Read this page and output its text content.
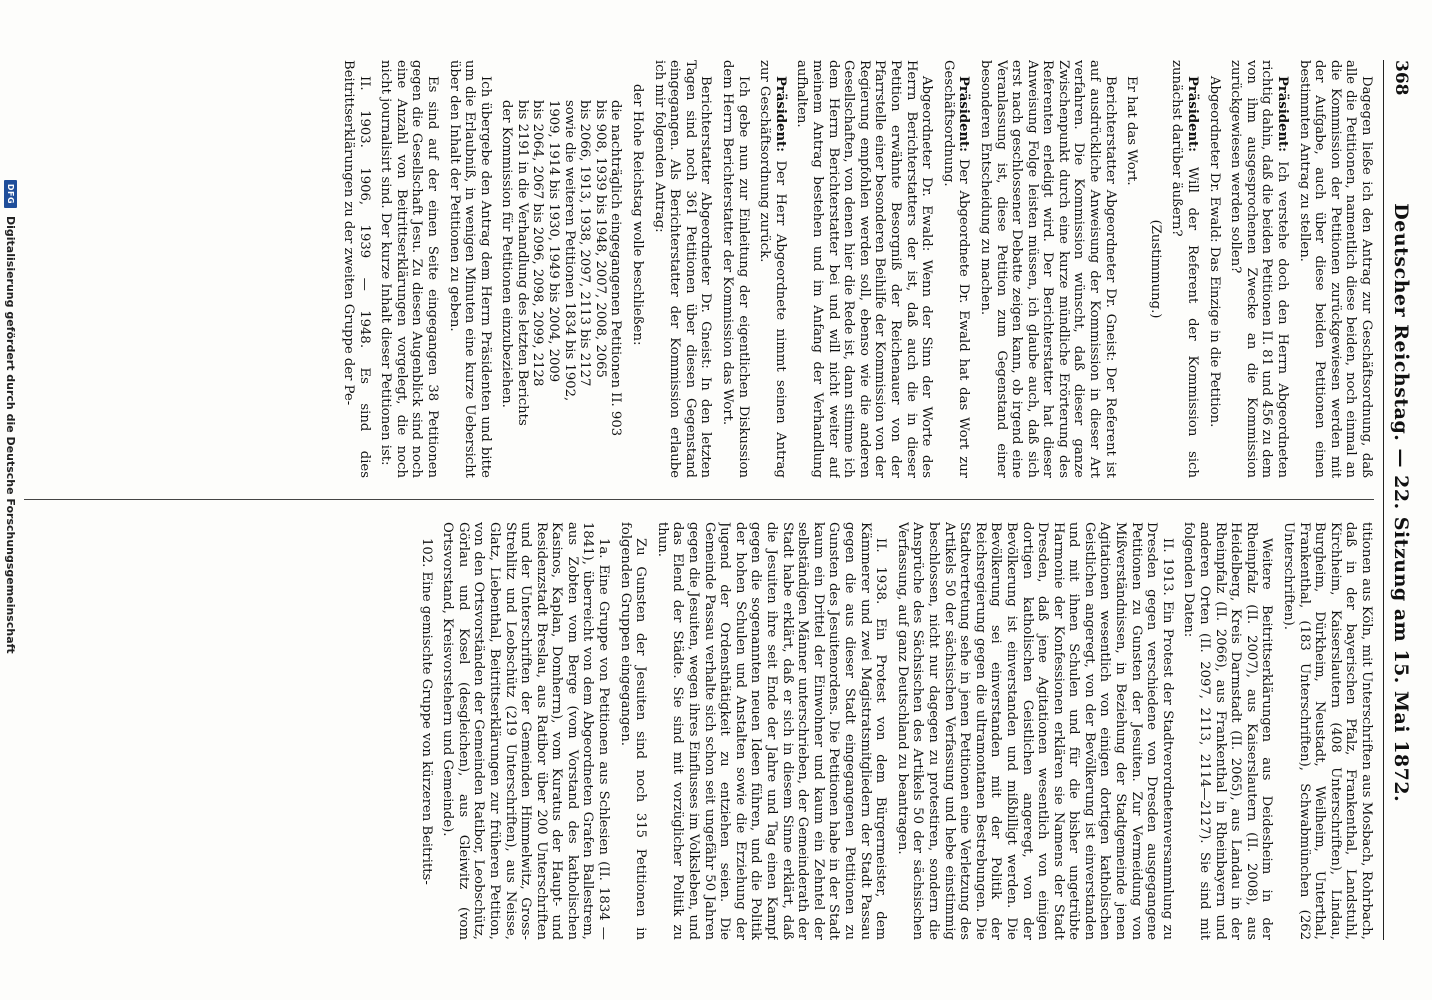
368
Deutscher Reichstag. — 22. Sitzung am 15. Mai 1872.

Dagegen ließe ich den Antrag zur Geschäftsordnung, daß alle die Petitionen, namentlich diese beiden, noch einmal an die Kommission der Petitionen zurückgewiesen werden mit der Aufgabe, auch über diese beiden Petitionen einen bestimmten Antrag zu stellen.

Präsident: Ich verstehe doch den Herrn Abgeordneten richtig dahin, daß die beiden Petitionen II. 81 und 456 zu dem von ihm ausgesprochenen Zwecke an die Kommission zurückgewiesen werden sollen?

Abgeordneter Dr. Ewald: Das Einzige in die Petition.

Präsident: Will der Referent der Kommission sich zunächst darüber äußern?

(Zustimmung.)

Er hat das Wort.

Berichterstatter Abgeordneter Dr. Gneist: Der Referent ist auf ausdrückliche Anweisung der Kommission in dieser Art verfahren. Die Kommission wünscht, daß dieser ganze Zwischenpunkt durch eine kurze mündliche Erörterung des Referenten erledigt wird. Der Berichterstatter hat dieser Anweisung Folge leisten müssen, ich glaube auch, daß sich erst nach geschlossener Debatte zeigen kann, ob irgend eine Veranlassung ist, diese Petition zum Gegenstand einer besonderen Entscheidung zu machen.

Präsident: Der Abgeordnete Dr. Ewald hat das Wort zur Geschäftsordnung.

Abgeordneter Dr. Ewald: Wenn der Sinn der Worte des Herrn Berichterstatters der ist, daß auch die in dieser Petition erwähnte Besorgniß der Reichenauer von der Pfarrstelle einer besonderen Beihilfe der Kommission von der Regierung empfohlen werden soll, ebenso wie die anderen Gesellschaften, von denen hier die Rede ist, dann stimme ich dem Herrn Berichterstatter bei und will nicht weiter auf meinem Antrag bestehen und im Anfang der Verhandlung aufhalten.

Präsident: Der Herr Abgeordnete nimmt seinen Antrag zur Geschäftsordnung zurück.

Ich gebe nun zur Einleitung der eigentlichen Diskussion dem Herrn Berichterstatter der Kommission das Wort.

Berichterstatter Abgeordneter Dr. Gneist: In den letzten Tagen sind noch 361 Petitionen über diesen Gegenstand eingegangen. Als Berichterstatter der Kommission erlaube ich mir folgenden Antrag:

der Hohe Reichstag wolle beschließen:

die nachträglich eingegangenen Petitionen II. 903
bis 908, 1939 bis 1948, 2007, 2008, 2065
bis 2066, 1913, 1938, 2097, 2113 bis 2127
sowie die weiteren Petitionen 1834 bis 1902,
1909, 1914 bis 1930, 1949 bis 2004, 2009
bis 2064, 2067 bis 2096, 2098, 2099, 2128
bis 2191 in die Verhandlung des letzten Berichts
der Kommission für Petitionen einzubeziehen.

Ich übergebe den Antrag dem Herrn Präsidenten und bitte um die Erlaubniß, in wenigen Minuten eine kurze Uebersicht über den Inhalt der Petitionen zu geben.

Es sind auf der einen Seite eingegangen 38 Petitionen gegen die Gesellschaft Jesu. Zu diesen Augenblick sind noch eine Anzahl von Beitrittserklärungen vorgelegt, die noch nicht journalisirt sind. Der kurze Inhalt dieser Petitionen ist:

II. 1903. 1906, 1939 — 1948. Es sind dies Beitrittserklärungen zu der zweiten Gruppe der Pe-

titionen aus Köln, mit Unterschriften aus Mosbach, Rohrbach, daß in der bayerischen Pfalz, Frankenthal, Landstuhl, Kirchheim, Kaiserslautern (408 Unterschriften), Lindau, Burgheim, Dürkheim, Neustadt, Weilheim, Unterthal, Frankenthal, (183 Unterschriften), Schwabmünchen (262 Unterschriften).

Weitere Beitrittserklärungen aus Deidesheim in der Rheinpfalz (II. 2007), aus Kaiserslautern (II. 2008), aus Heidelberg, Kreis Darmstadt (II. 2065), aus Landau in der Rheinpfalz (II. 2066), aus Frankenthal in Rheinbayern und anderen Orten (II. 2097, 2113, 2114—2127). Sie sind mit folgenden Daten:

II. 1913. Ein Protest der Stadtverordnetenversammlung zu Dresden gegen verschiedene von Dresden ausgegangene Petitionen zu Gunsten der Jesuiten. Zur Vermeidung von Mißverständnissen, in Beziehung der Stadtgemeinde jenen Agitationen wesentlich von einigen dortigen katholischen Geistlichen angeregt, von der Bevölkerung ist einverstanden und mit ihnen Schulen und für die bisher ungetrübte Harmonie der Konfessionen erklären sie Namens der Stadt Dresden, daß jene Agitationen wesentlich von einigen dortigen katholischen Geistlichen angeregt, von der Bevölkerung ist einverstanden und mißbilligt werden. Die Bevölkerung sei einverstanden mit der Politik der Reichsregierung gegen die ultramontanen Bestrebungen. Die Stadtvertretung sehe in jenen Petitionen eine Verletzung des Artikels 50 der sächsischen Verfassung und hebe einstimmig beschlossen, nicht nur dagegen zu protestiren, sondern die Ansprüche des Sächsischen des Artikels 50 der sächsischen Verfassung, auf ganz Deutschland zu beantragen.

II. 1938. Ein Protest von dem Bürgermeister, dem Kämmerer und zwei Magistratsmitgliedern der Stadt Passau gegen die aus dieser Stadt eingegangenen Petitionen zu Gunsten des Jesuitenordens. Die Petitionen habe in der Stadt kaum ein Drittel der Einwohner und kaum ein Zehntel der selbständigen Männer unterschrieben, der Gemeinderath der Stadt habe erklärt, daß er sich in diesem Sinne erklärt, daß die Jesuiten ihre seit Ende der Jahre und Tag einen Kampf gegen die sogenannten neuen Ideen führen, und die Politik der hohen Schulen und Anstalten sowie die Erziehung der Jugend der Ordensthätigkeit zu entziehen seien. Die Gemeinde Passau verhalte sich schon seit ungefähr 50 Jahren gegen die Jesuiten, wegen ihres Einflusses im Volksleben, und das Elend der Städte. Sie sind mit vorzüglicher Politik zu thun.

Zu Gunsten der Jesuiten sind noch 315 Petitionen in folgenden Gruppen eingegangen.

1a. Eine Gruppe von Petitionen aus Schlesien (II. 1834 — 1841), überreicht von dem Abgeordneten Grafen Ballestrem, aus Zobten vom Berge (vom Vorstand des katholischen Kasinos, Kaplan, Domherrn), vom Kuratus der Haupt- und Residenzstadt Breslau, aus Ratibor über 200 Unterschriften und der Unterschriften der Gemeinden Himmelwitz, Gross-Strehlitz und Leobschütz (219 Unterschriften), aus Neisse, Glatz, Liebenthal, Beitrittserklärungen zur früheren Petition, von den Ortsvorständen der Gemeinden Ratibor, Leobschütz, Görlau und Kosel (desgleichen), aus Gleiwitz (vom Ortsvorstand, Kreisvorstehern und Gemeinde).

102. Eine gemischte Gruppe von kürzeren Beitritts-

DFG
Digitalisierung gefördert durch die Deutsche Forschungsgemeinschaft
